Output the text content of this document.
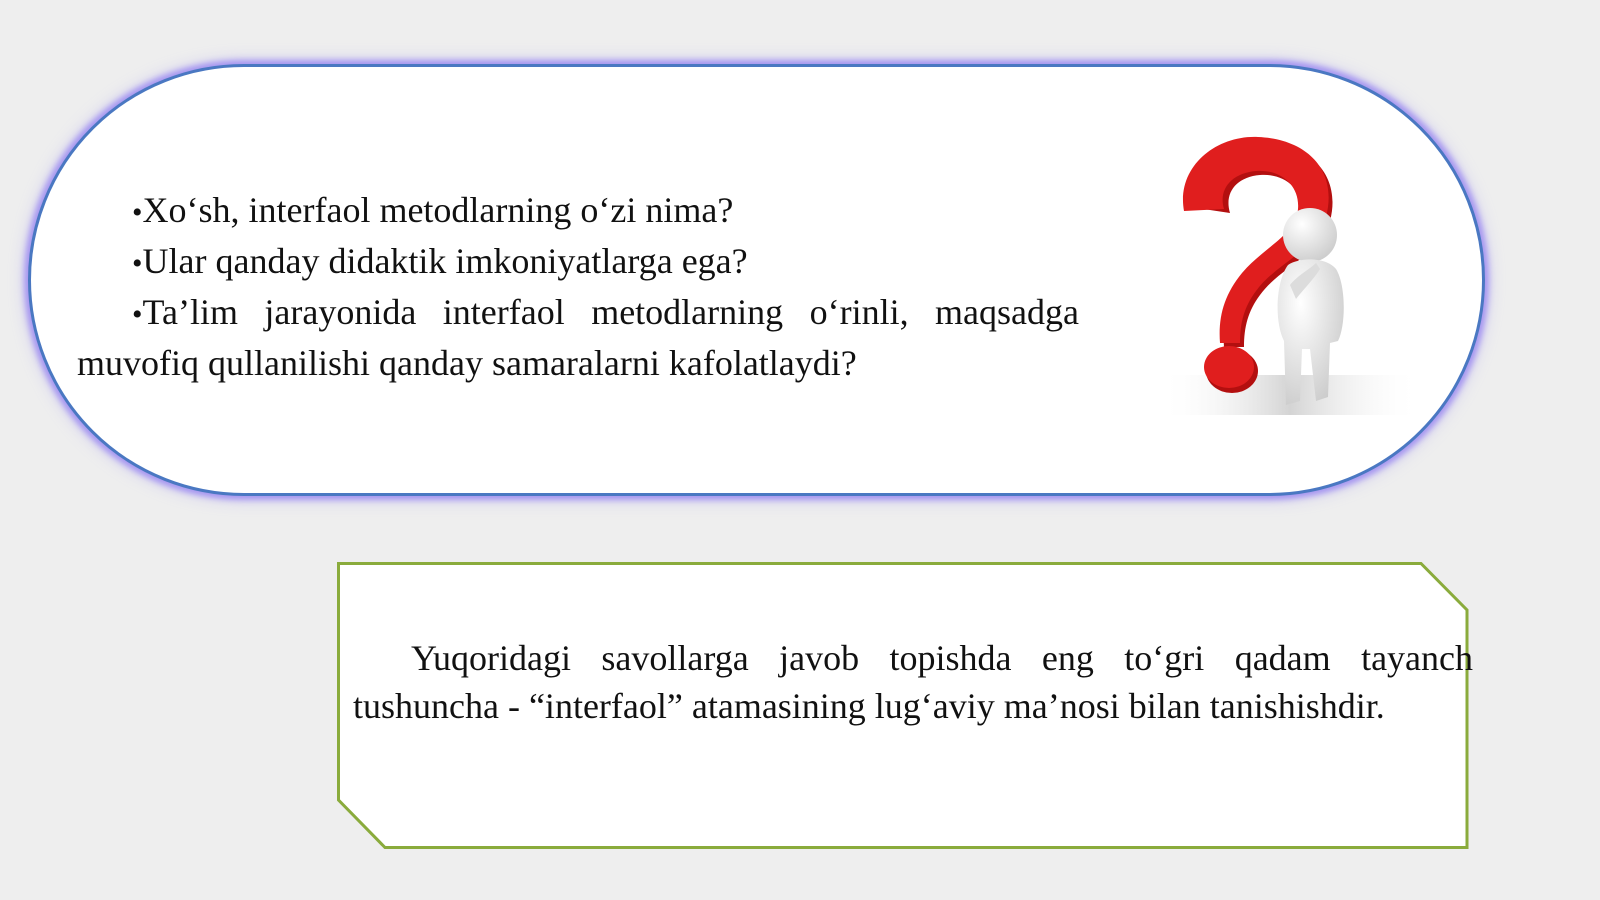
•Xo‘sh, interfaol metodlarning o‘zi nima?
•Ular qanday didaktik imkoniyatlarga ega?
•Ta’lim jarayonida interfaol metodlarning o‘rinli, maqsadga muvofiq qullanilishi qanday samaralarni kafolatlaydi?

Yuqoridagi savollarga javob topishda eng to‘gri qadam tayanch tushuncha - “interfaol” atamasining lug‘aviy ma’nosi bilan tanishishdir.
